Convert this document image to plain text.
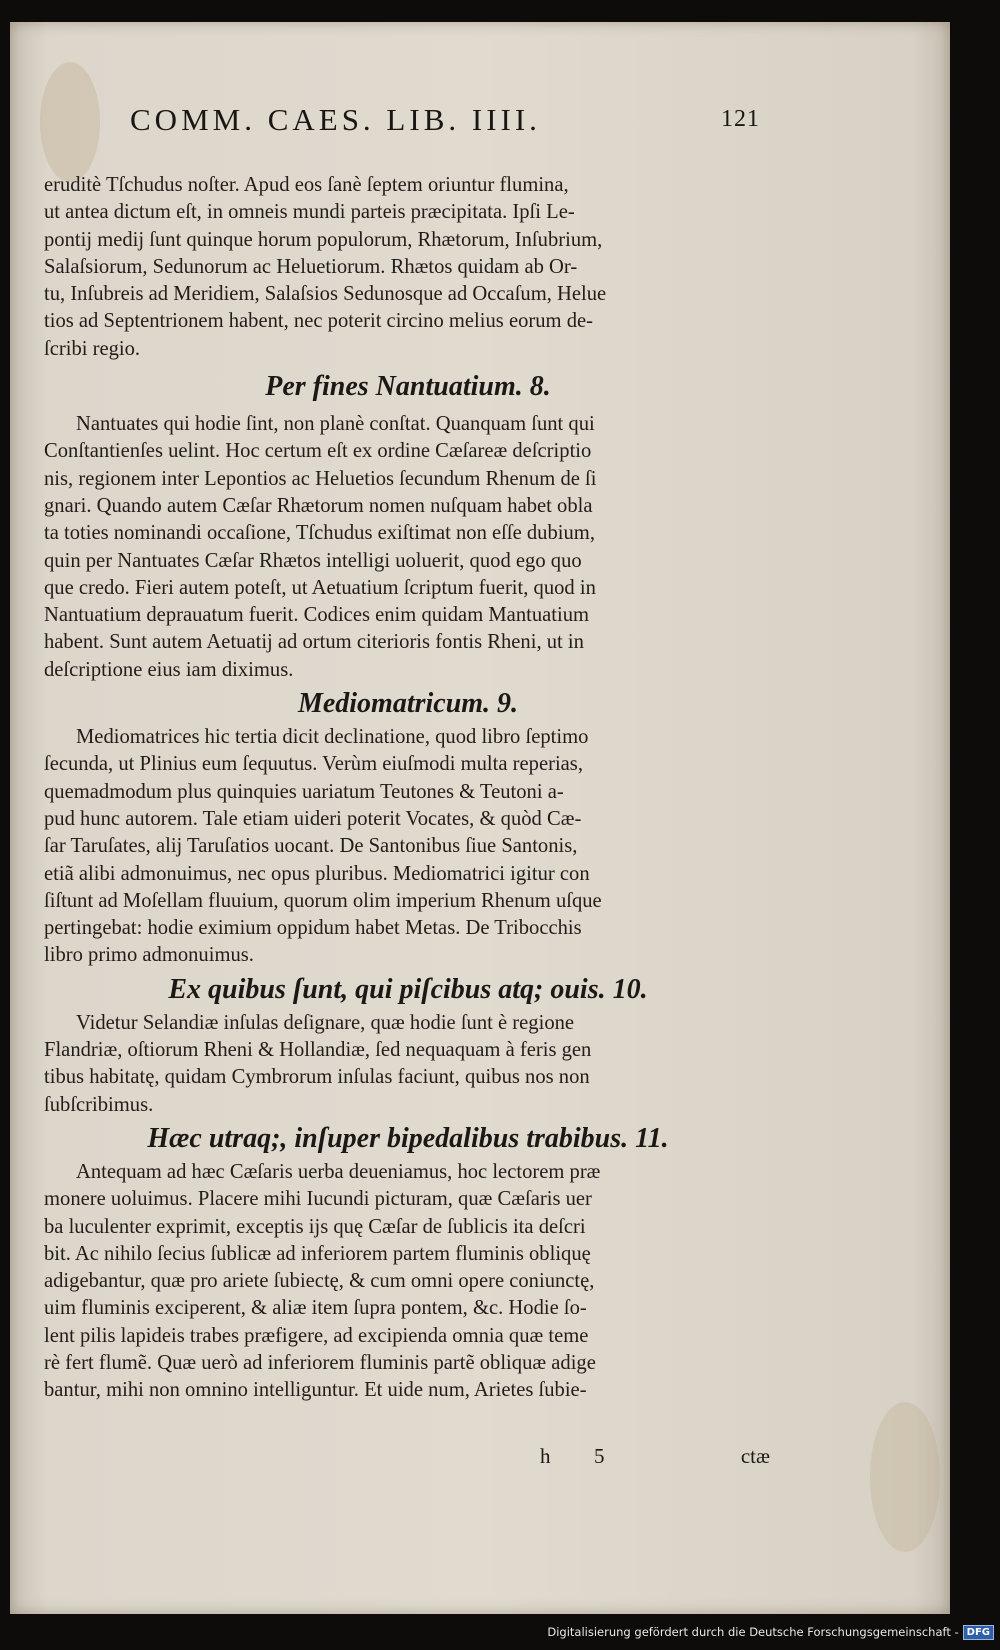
COMM. CAES. LIB. IIII.	121

eruditè Tſchudus noſter. Apud eos ſanè ſeptem oriuntur flumina,
ut antea dictum eſt, in omneis mundi parteis præcipitata. Ipſi Le-
pontij medij ſunt quinque horum populorum, Rhætorum, Inſubrium,
Salaſsiorum, Sedunorum ac Heluetiorum. Rhætos quidam ab Or-
tu, Inſubreis ad Meridiem, Salaſsios Sedunosque ad Occaſum, Helue
tios ad Septentrionem habent, nec poterit circino melius eorum de-
ſcribi regio.

Per fines Nantuatium. 8.

Nantuates qui hodie ſint, non planè conſtat. Quanquam ſunt qui
Conſtantienſes uelint. Hoc certum eſt ex ordine Cæſareæ deſcriptio
nis, regionem inter Lepontios ac Heluetios ſecundum Rhenum de ſi
gnari. Quando autem Cæſar Rhætorum nomen nuſquam habet obla
ta toties nominandi occaſione, Tſchudus exiſtimat non eſſe dubium,
quin per Nantuates Cæſar Rhætos intelligi uoluerit, quod ego quo
que credo. Fieri autem poteſt, ut Aetuatium ſcriptum fuerit, quod in
Nantuatium deprauatum fuerit. Codices enim quidam Mantuatium
habent. Sunt autem Aetuatij ad ortum citerioris fontis Rheni, ut in
deſcriptione eius iam diximus.

Mediomatricum. 9.

Mediomatrices hic tertia dicit declinatione, quod libro ſeptimo
ſecunda, ut Plinius eum ſequutus. Verùm eiuſmodi multa reperias,
quemadmodum plus quinquies uariatum Teutones & Teutoni a-
pud hunc autorem. Tale etiam uideri poterit Vocates, & quòd Cæ-
ſar Taruſates, alij Taruſatios uocant. De Santonibus ſiue Santonis,
etiã alibi admonuimus, nec opus pluribus. Mediomatrici igitur con
ſiſtunt ad Moſellam fluuium, quorum olim imperium Rhenum uſque
pertingebat: hodie eximium oppidum habet Metas. De Tribocchis
libro primo admonuimus.

Ex quibus ſunt, qui piſcibus atq; ouis. 10.

Videtur Selandiæ inſulas deſignare, quæ hodie ſunt è regione
Flandriæ, oſtiorum Rheni & Hollandiæ, ſed nequaquam à feris gen
tibus habitatę, quidam Cymbrorum inſulas faciunt, quibus nos non
ſubſcribimus.

Hæc utraq;, inſuper bipedalibus trabibus. 11.

Antequam ad hæc Cæſaris uerba deueniamus, hoc lectorem præ
monere uoluimus. Placere mihi Iucundi picturam, quæ Cæſaris uer
ba luculenter exprimit, exceptis ijs quę Cæſar de ſublicis ita deſcri
bit. Ac nihilo ſecius ſublicæ ad inferiorem partem fluminis obliquę
adigebantur, quæ pro ariete ſubiectę, & cum omni opere coniunctę,
uim fluminis exciperent, & aliæ item ſupra pontem, &c. Hodie ſo-
lent pilis lapideis trabes præfigere, ad excipienda omnia quæ teme
rè fert flumẽ. Quæ uerò ad inferiorem fluminis partẽ obliquæ adige
bantur, mihi non omnino intelliguntur. Et uide num, Arietes ſubie-

h 5	ctæ
Digitalisierung gefördert durch die Deutsche Forschungsgemeinschaft - DFG
